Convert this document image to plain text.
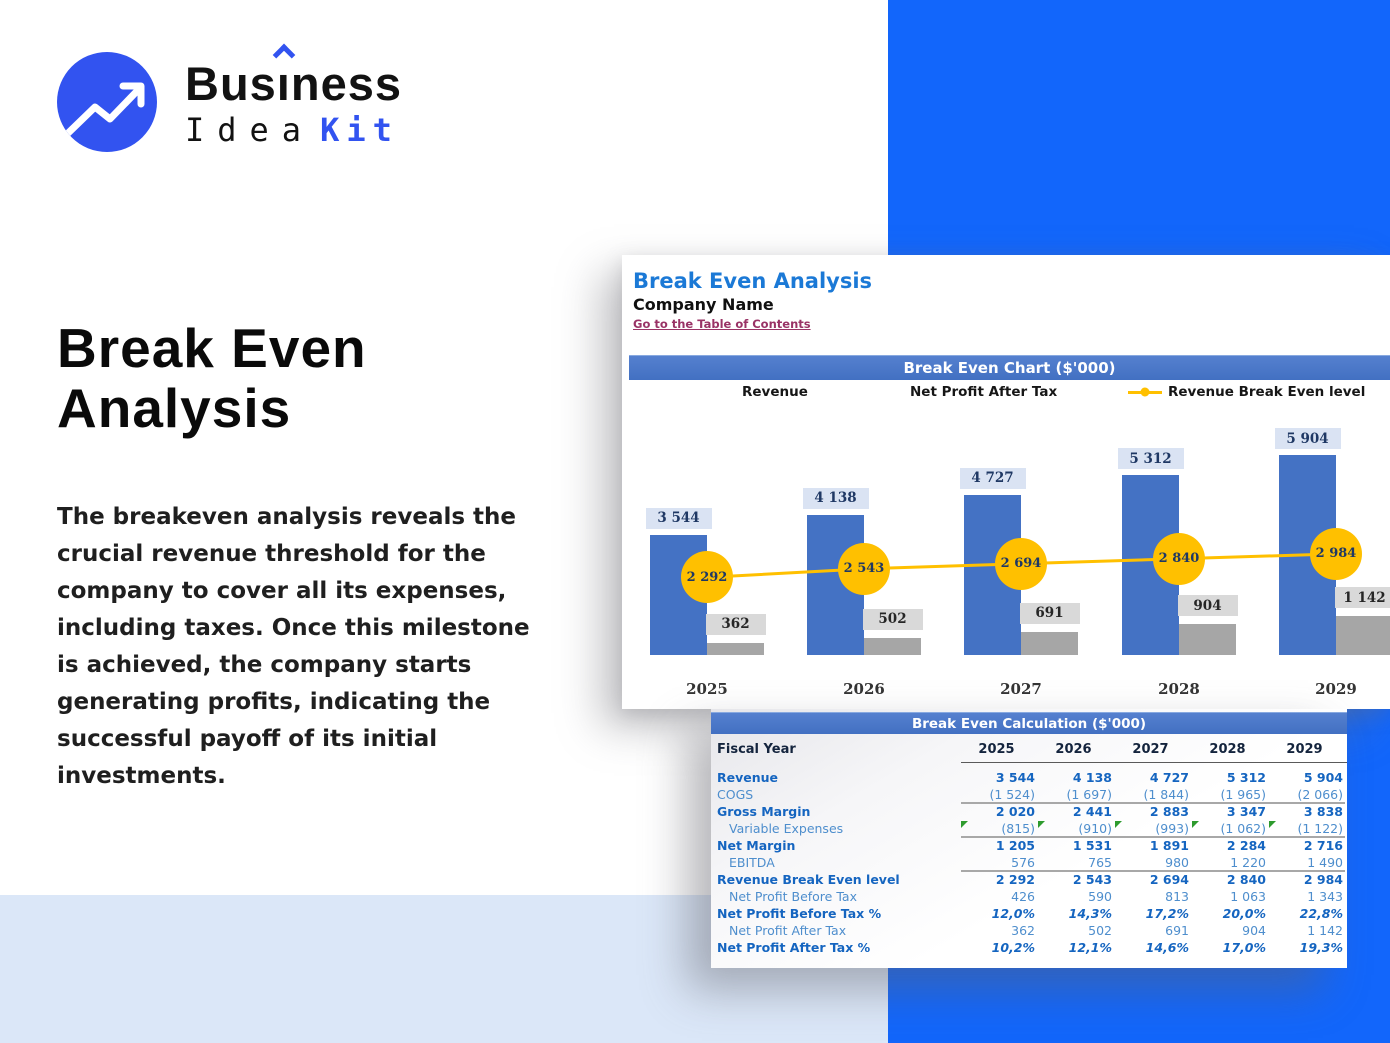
Busı
ness
Idea Kit
Break Even
Analysis
The breakeven analysis reveals the crucial revenue threshold for the company to cover all its expenses, including taxes. Once this milestone is achieved, the company starts generating profits, indicating the successful payoff of its initial investments.
Break Even Analysis
Company Name
Go to the Table of Contents
Break Even Chart ($'000)
Revenue	Net Profit After Tax	Revenue Break Even level
3 544
362
2025
4 138
502
2026
4 727
691
2027
5 312
904
2028
5 904
1 142
2029
2 292
2 543	2 694	2 840	2 984
Break Even Calculation ($'000)
Fiscal Year	2025	2026	2027	2028	2029
Revenue	3 544	4 138	4 727	5 312	5 904
COGS	(1 524)	(1 697)	(1 844)	(1 965)	(2 066)
Gross Margin	2 020	2 441	2 883	3 347	3 838
Variable Expenses	(815)	(910)	(993)	(1 062)	(1 122)
Net Margin	1 205	1 531	1 891	2 284	2 716
EBITDA	576	765	980	1 220	1 490
Revenue Break Even level	2 292	2 543	2 694	2 840	2 984
Net Profit Before Tax	426	590	813	1 063	1 343
Net Profit Before Tax %	12,0%	14,3%	17,2%	20,0%	22,8%
Net Profit After Tax	362	502	691	904	1 142
Net Profit After Tax %	10,2%	12,1%	14,6%	17,0%	19,3%
